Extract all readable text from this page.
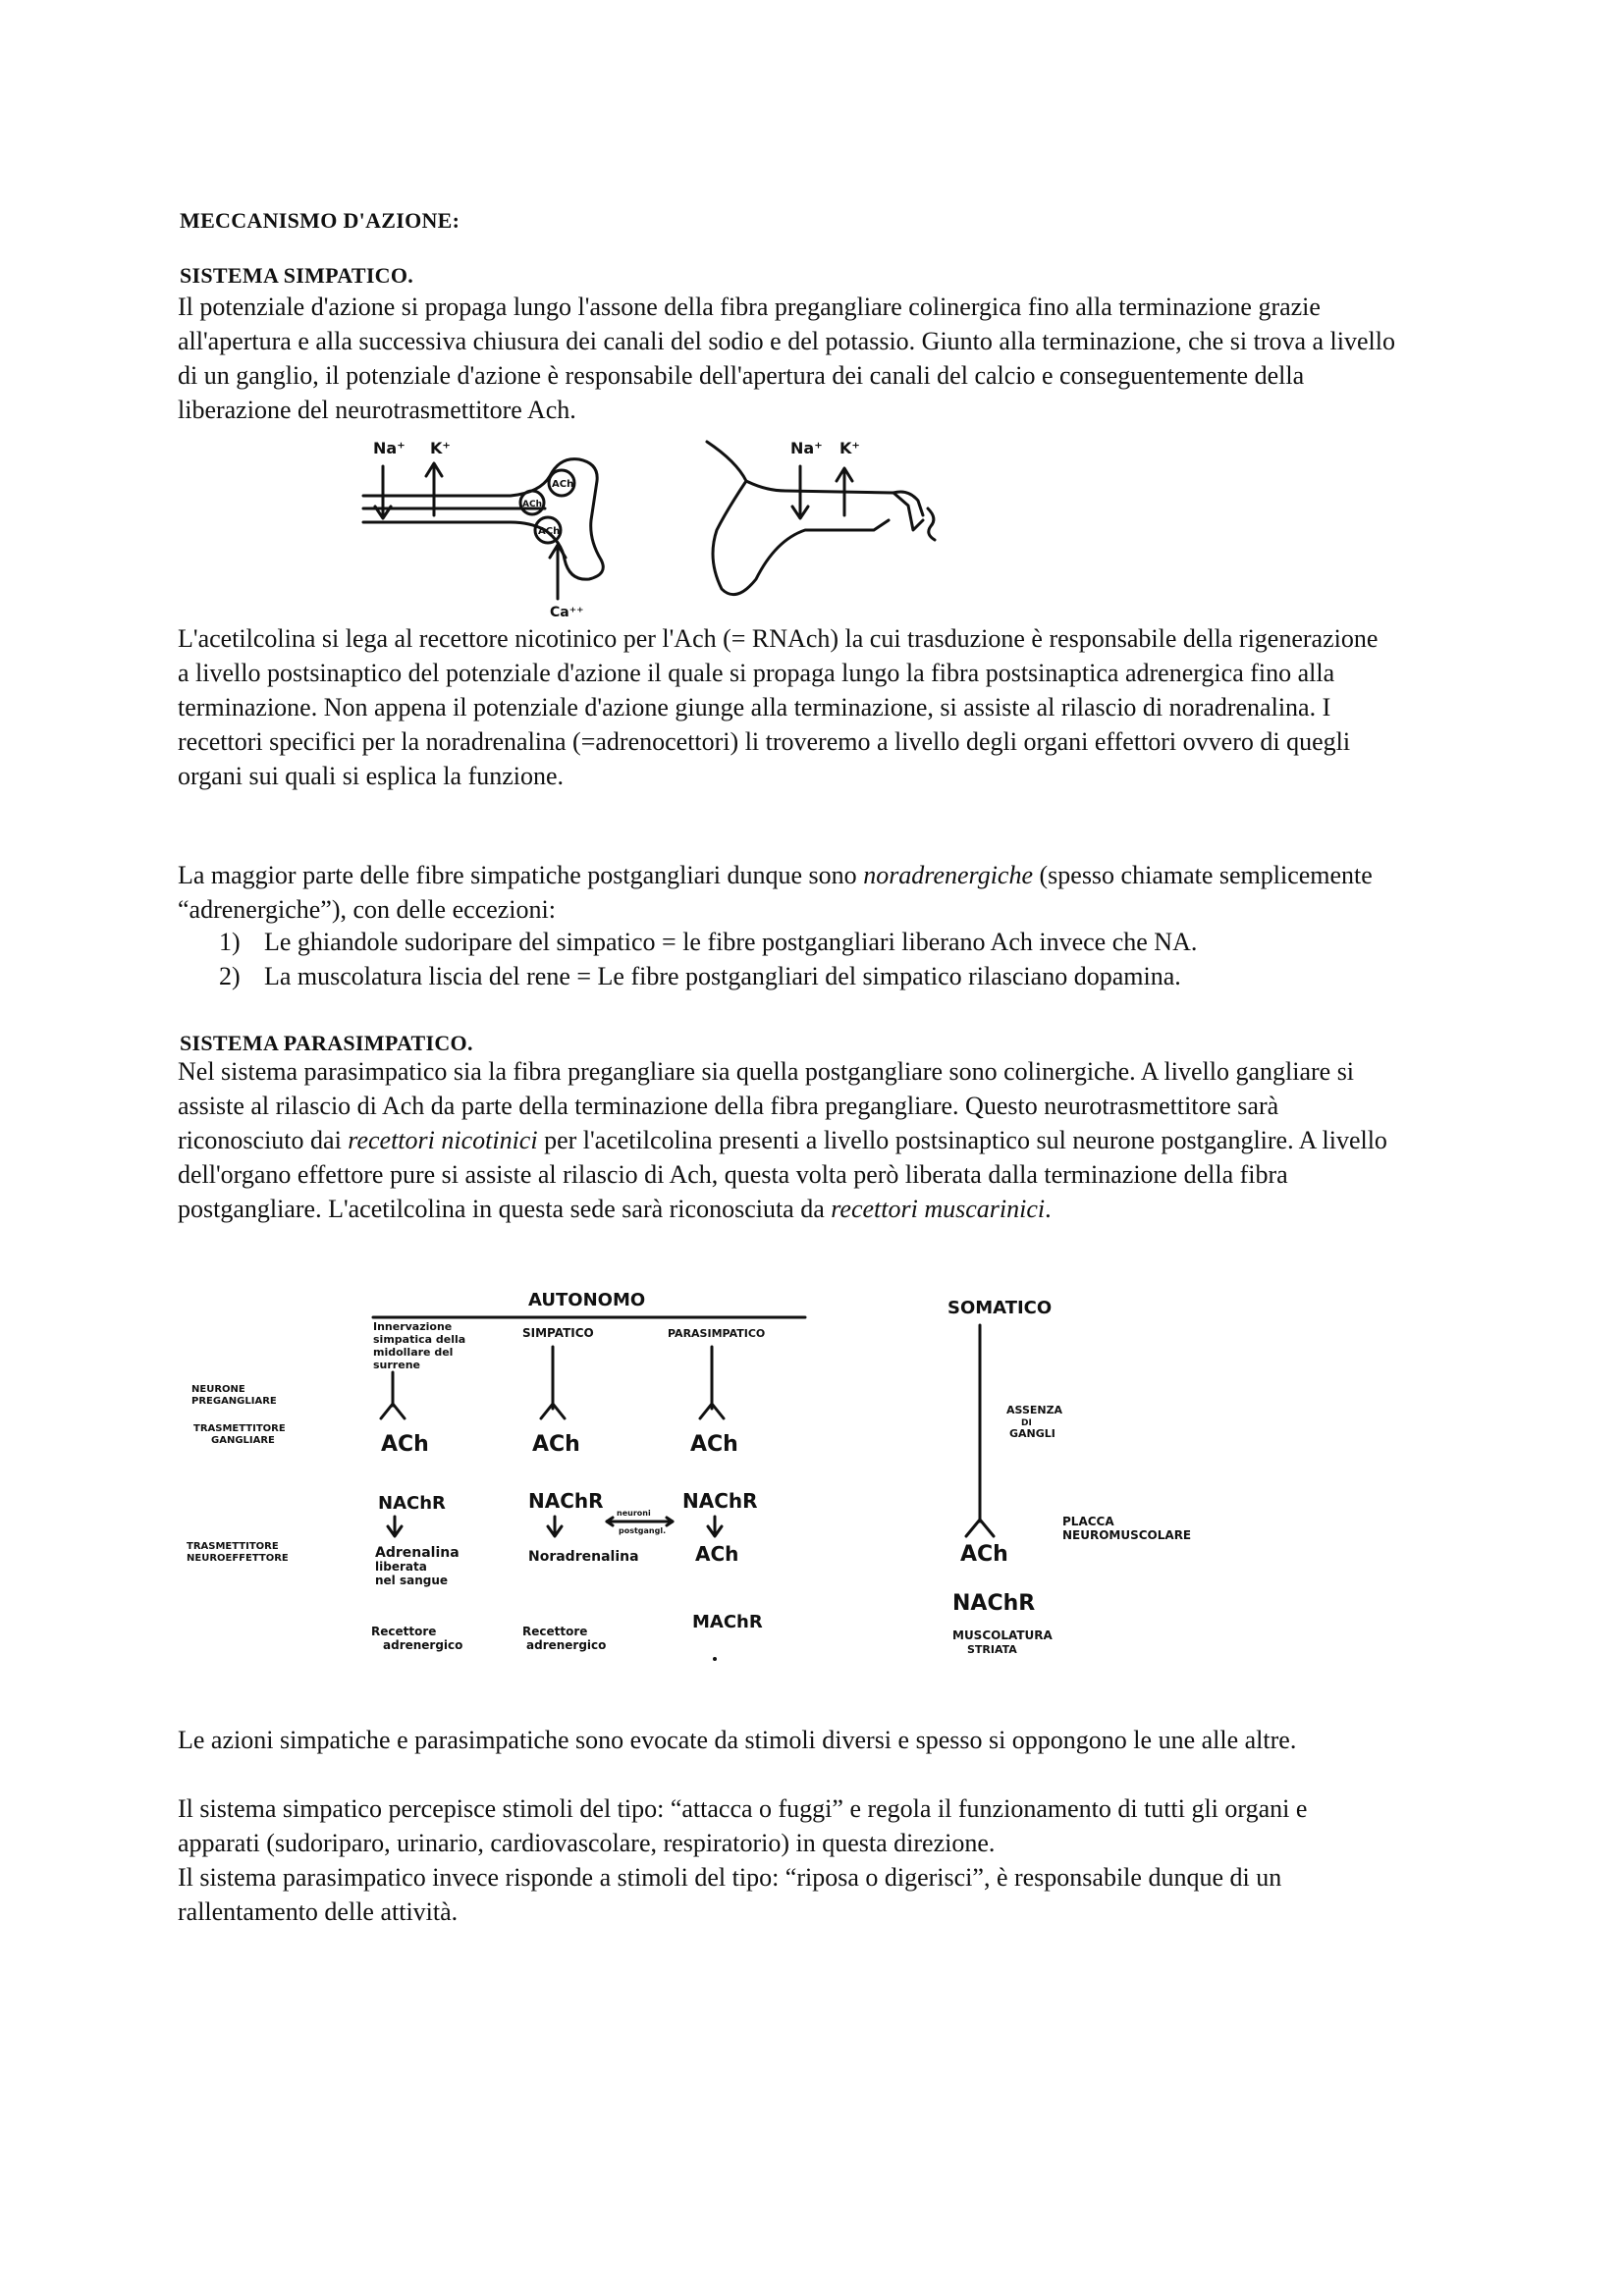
MECCANISMO D'AZIONE:
SISTEMA SIMPATICO.

Il potenziale d'azione si propaga lungo l'assone della fibra pregangliare colinergica fino alla terminazione grazie all'apertura e alla successiva chiusura dei canali del sodio e del potassio. Giunto alla terminazione, che si trova a livello di un ganglio, il potenziale d'azione è responsabile dell'apertura dei canali del calcio e conseguentemente della liberazione del neurotrasmettitore Ach.

Na⁺ K⁺
ACh
ACh
ACh
Ca⁺⁺
Na⁺ K⁺

L'acetilcolina si lega al recettore nicotinico per l'Ach (= RNAch) la cui trasduzione è responsabile della rigenerazione a livello postsinaptico del potenziale d'azione il quale si propaga lungo la fibra postsinaptica adrenergica fino alla terminazione. Non appena il potenziale d'azione giunge alla terminazione, si assiste al rilascio di noradrenalina. I recettori specifici per la noradrenalina (=adrenocettori) li troveremo a livello degli organi effettori ovvero di quegli organi sui quali si esplica la funzione.

La maggior parte delle fibre simpatiche postgangliari dunque sono noradrenergiche (spesso chiamate semplicemente “adrenergiche”), con delle eccezioni:

1) Le ghiandole sudoripare del simpatico = le fibre postgangliari liberano Ach invece che NA.
2) La muscolatura liscia del rene = Le fibre postgangliari del simpatico rilasciano dopamina.
SISTEMA PARASIMPATICO.

Nel sistema parasimpatico sia la fibra pregangliare sia quella postgangliare sono colinergiche. A livello gangliare si assiste al rilascio di Ach da parte della terminazione della fibra pregangliare. Questo neurotrasmettitore sarà riconosciuto dai recettori nicotinici per l'acetilcolina presenti a livello postsinaptico sul neurone postganglire. A livello dell'organo effettore pure si assiste al rilascio di Ach, questa volta però liberata dalla terminazione della fibra postgangliare. L'acetilcolina in questa sede sarà riconosciuta da recettori muscarinici.

AUTONOMO
SIMPATICO	PARASIMPATICO
SOMATICO
NEURONE
PREGANGLIARE
TRASMETTITORE
GANGLIARE
TRASMETTITORE
NEUROEFFETTORE
Innervazione
simpatica della
midollare del
surrene
ACh
NAChR
Adrenalina
liberata
nel sangue
Recettore
adrenergico
ACh
NAChR
Noradrenalina
Recettore
adrenergico
neuroni
postgangl.
ACh
NAChR
ACh
MAChR
ASSENZA
DI
GANGLI
ACh
PLACCA
NEUROMUSCOLARE
NAChR
MUSCOLATURA
STRIATA

Le azioni simpatiche e parasimpatiche sono evocate da stimoli diversi e spesso si oppongono le une alle altre.

Il sistema simpatico percepisce stimoli del tipo: “attacca o fuggi” e regola il funzionamento di tutti gli organi e apparati (sudoriparo, urinario, cardiovascolare, respiratorio) in questa direzione.

Il sistema parasimpatico invece risponde a stimoli del tipo: “riposa o digerisci”, è responsabile dunque di un rallentamento delle attività.
